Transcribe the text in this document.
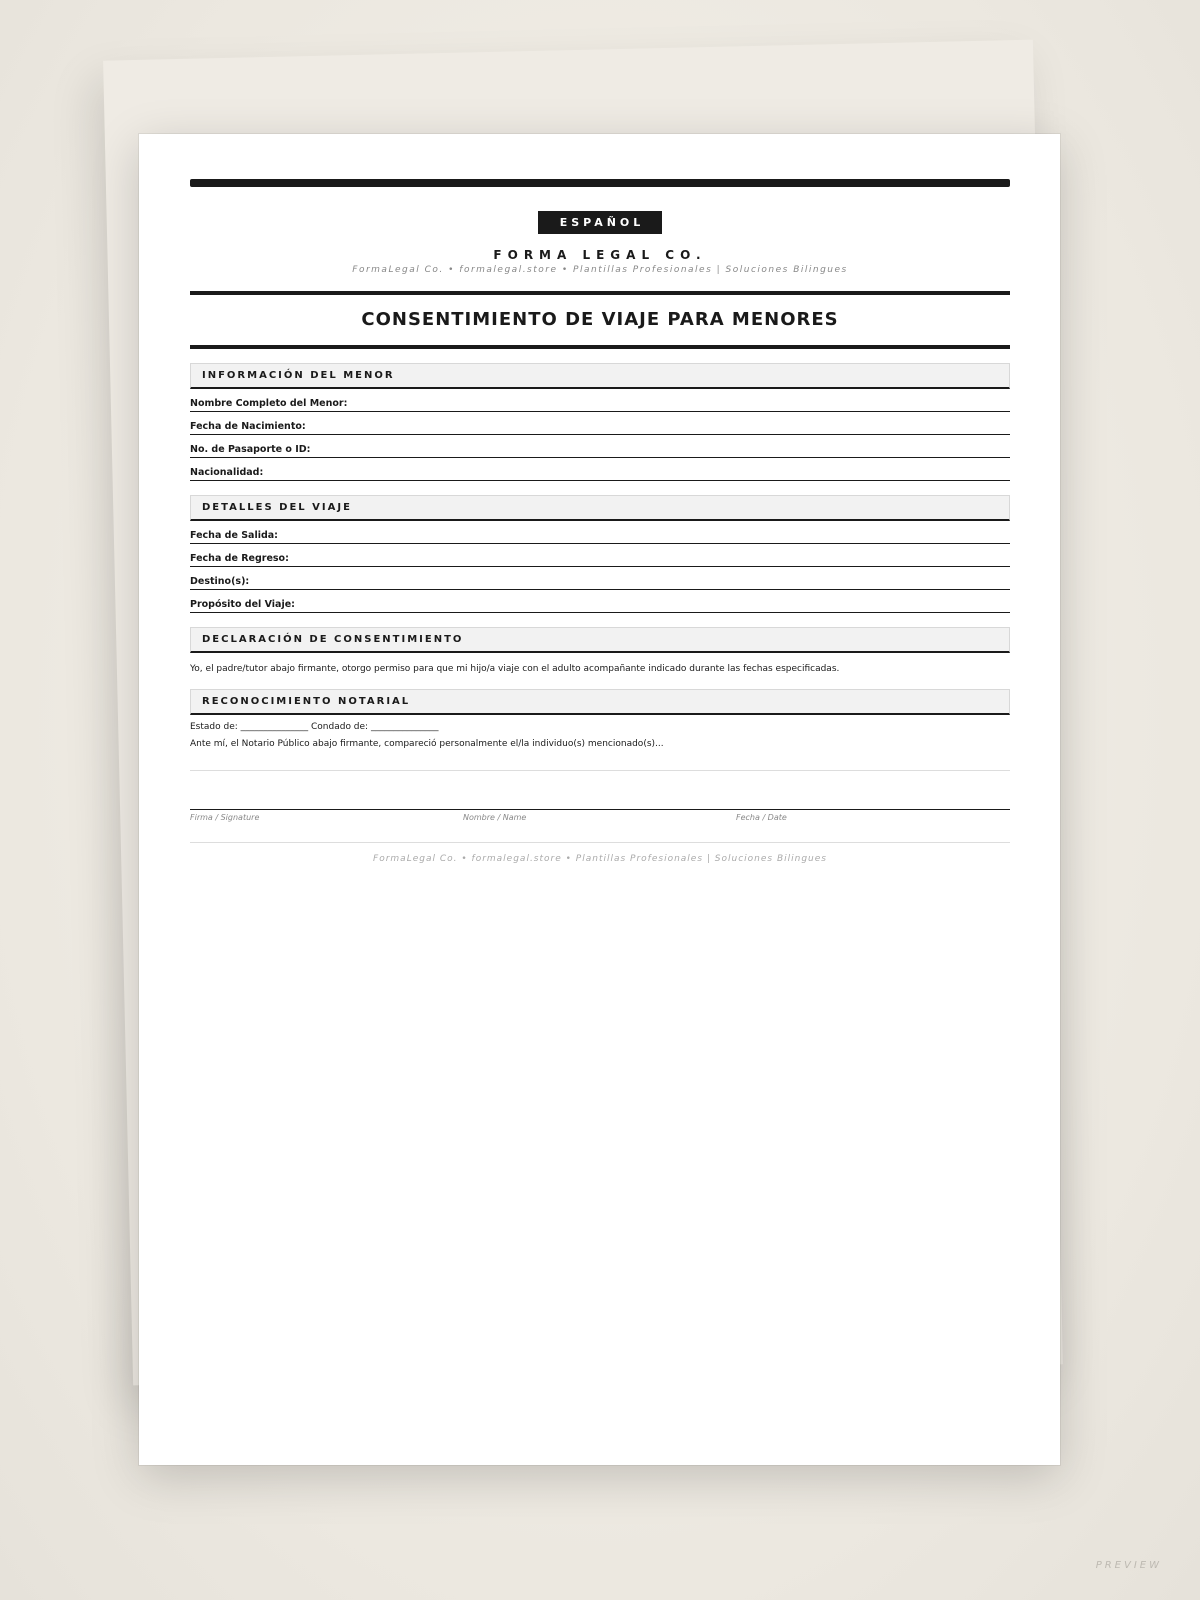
ESPAÑOL
FORMA LEGAL CO.
FormaLegal Co. • formalegal.store • Plantillas Profesionales | Soluciones Bilingues
CONSENTIMIENTO DE VIAJE PARA MENORES
INFORMACIÓN DEL MENOR
Nombre Completo del Menor:
Fecha de Nacimiento:
No. de Pasaporte o ID:
Nacionalidad:
DETALLES DEL VIAJE
Fecha de Salida:
Fecha de Regreso:
Destino(s):
Propósito del Viaje:
DECLARACIÓN DE CONSENTIMIENTO
Yo, el padre/tutor abajo firmante, otorgo permiso para que mi hijo/a viaje con el adulto acompañante indicado durante las fechas especificadas.
RECONOCIMIENTO NOTARIAL
Estado de: _______________ Condado de: _______________
Ante mí, el Notario Público abajo firmante, compareció personalmente el/la individuo(s) mencionado(s)...
Firma / Signature	Nombre / Name	Fecha / Date
FormaLegal Co. • formalegal.store • Plantillas Profesionales | Soluciones Bilingues
PREVIEW
